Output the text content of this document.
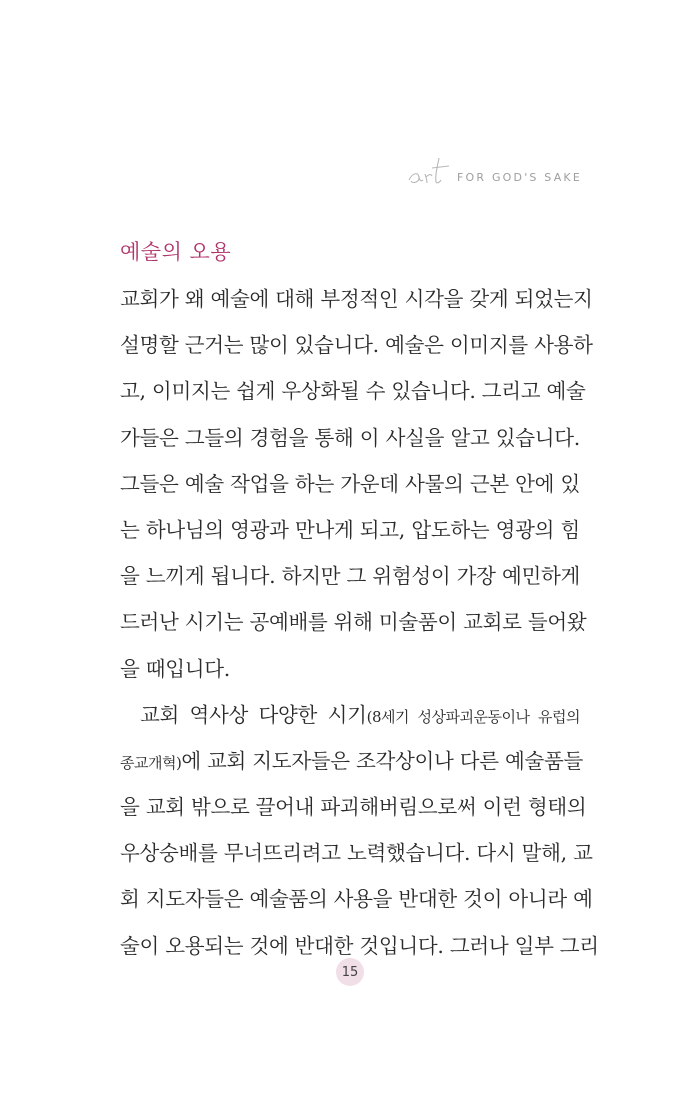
FOR GOD'S SAKE
예술의 오용
교회가 왜 예술에 대해 부정적인 시각을 갖게 되었는지
설명할 근거는 많이 있습니다. 예술은 이미지를 사용하
고, 이미지는 쉽게 우상화될 수 있습니다. 그리고 예술
가들은 그들의 경험을 통해 이 사실을 알고 있습니다.
그들은 예술 작업을 하는 가운데 사물의 근본 안에 있
는 하나님의 영광과 만나게 되고, 압도하는 영광의 힘
을 느끼게 됩니다. 하지만 그 위험성이 가장 예민하게
드러난 시기는 공예배를 위해 미술품이 교회로 들어왔
을 때입니다.
교회 역사상 다양한 시기(8세기 성상파괴운동이나 유럽의
종교개혁)에 교회 지도자들은 조각상이나 다른 예술품들
을 교회 밖으로 끌어내 파괴해버림으로써 이런 형태의
우상숭배를 무너뜨리려고 노력했습니다. 다시 말해, 교
회 지도자들은 예술품의 사용을 반대한 것이 아니라 예
술이 오용되는 것에 반대한 것입니다. 그러나 일부 그리
15
